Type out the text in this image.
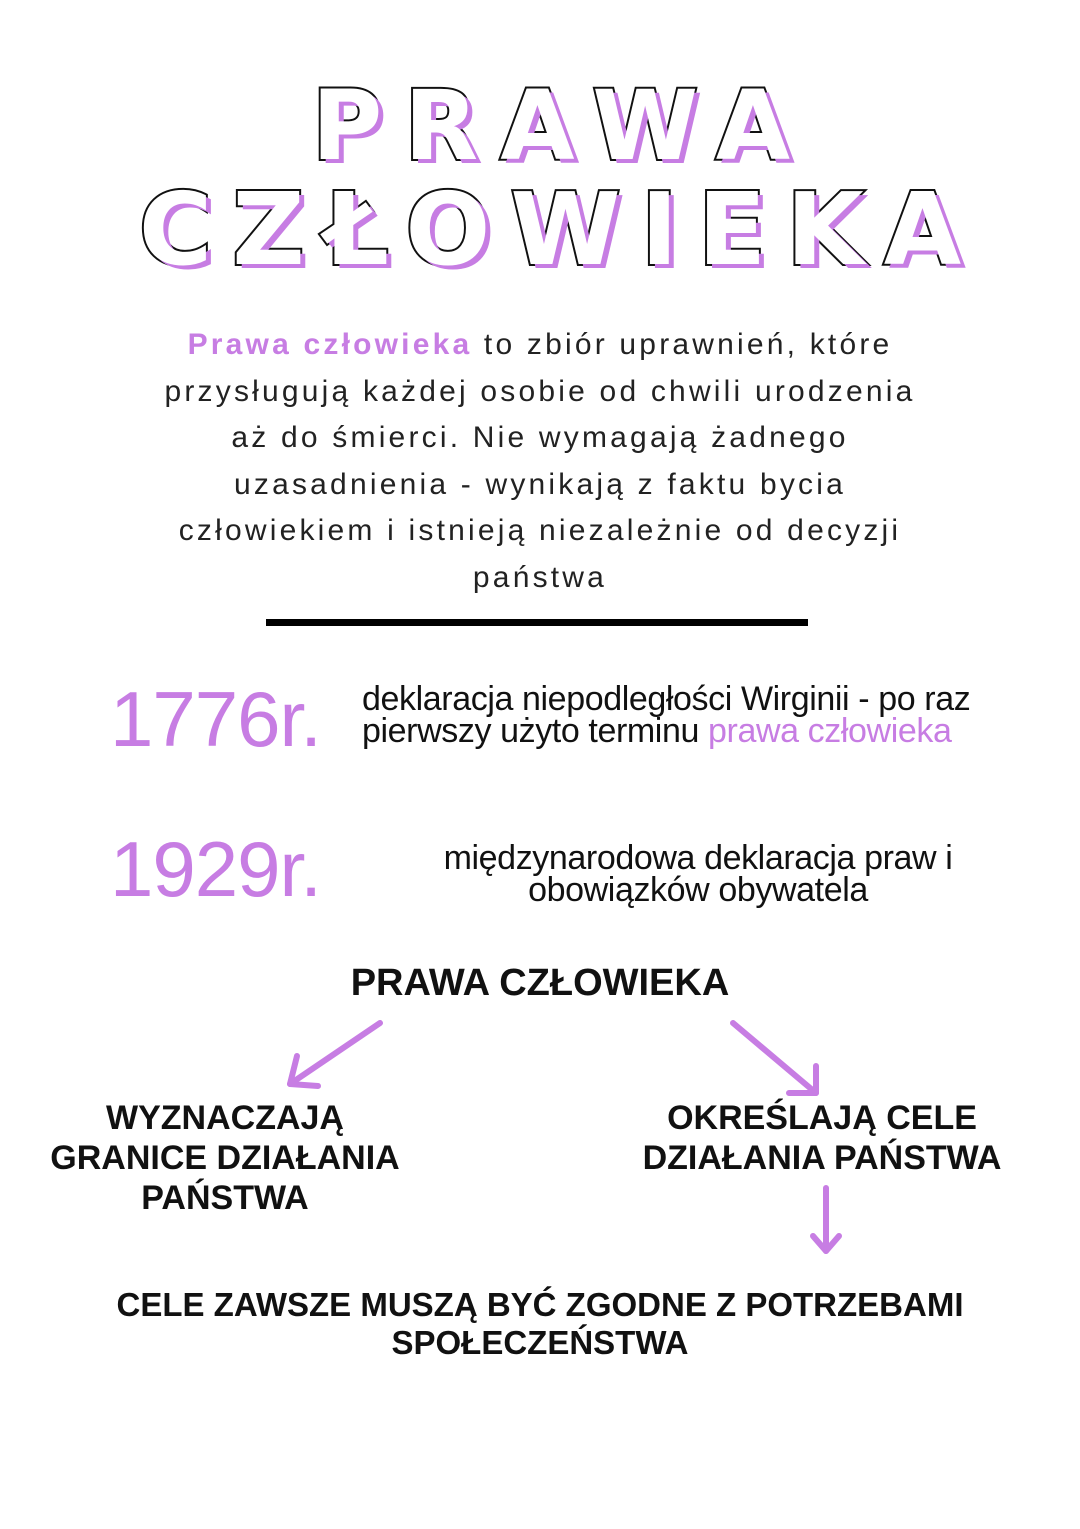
PRAWA
CZŁOWIEKA
Prawa człowieka to zbiór uprawnień, które
przysługują każdej osobie od chwili urodzenia
aż do śmierci. Nie wymagają żadnego
uzasadnienia - wynikają z faktu bycia
człowiekiem i istnieją niezależnie od decyzji
państwa
1776r. deklaracja niepodległości Wirginii - po raz
pierwszy użyto terminu prawa człowieka
1929r.	międzynarodowa deklaracja praw i
obowiązków obywatela
PRAWA CZŁOWIEKA
WYZNACZAJĄ
GRANICE DZIAŁANIA
PAŃSTWA
OKREŚLAJĄ CELE
DZIAŁANIA PAŃSTWA
CELE ZAWSZE MUSZĄ BYĆ ZGODNE Z POTRZEBAMI
SPOŁECZEŃSTWA
